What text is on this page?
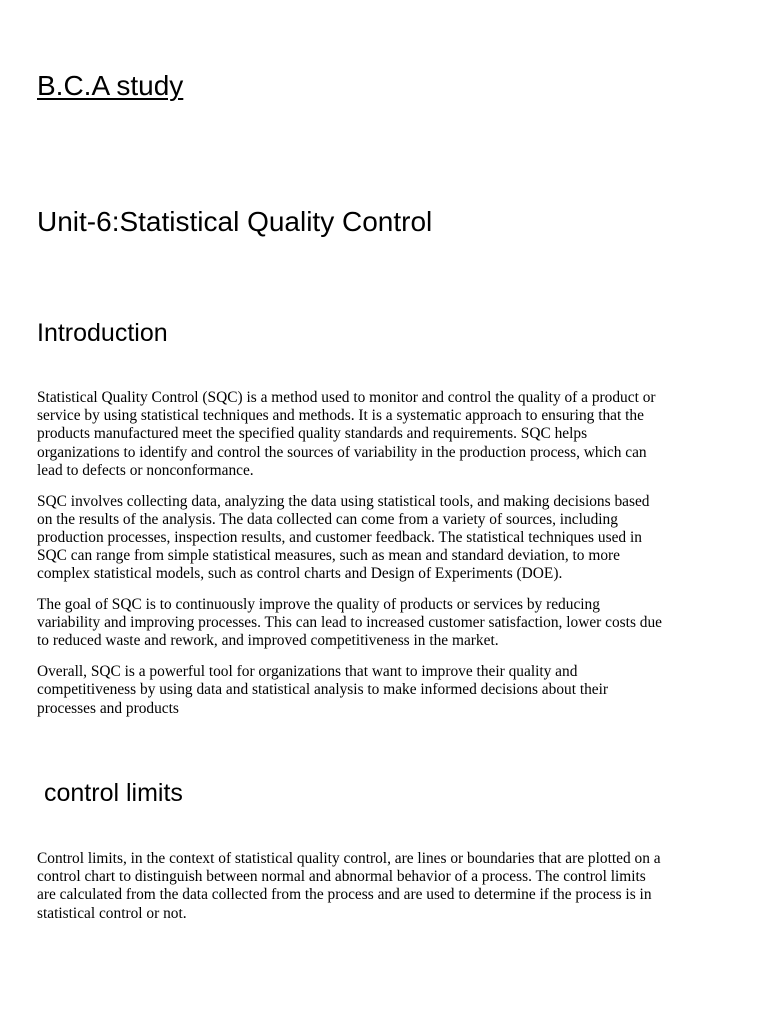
B.C.A study
Unit-6:Statistical Quality Control
Introduction

Statistical Quality Control (SQC) is a method used to monitor and control the quality of a product or
service by using statistical techniques and methods. It is a systematic approach to ensuring that the
products manufactured meet the specified quality standards and requirements. SQC helps
organizations to identify and control the sources of variability in the production process, which can
lead to defects or nonconformance.

SQC involves collecting data, analyzing the data using statistical tools, and making decisions based
on the results of the analysis. The data collected can come from a variety of sources, including
production processes, inspection results, and customer feedback. The statistical techniques used in
SQC can range from simple statistical measures, such as mean and standard deviation, to more
complex statistical models, such as control charts and Design of Experiments (DOE).

The goal of SQC is to continuously improve the quality of products or services by reducing
variability and improving processes. This can lead to increased customer satisfaction, lower costs due
to reduced waste and rework, and improved competitiveness in the market.

Overall, SQC is a powerful tool for organizations that want to improve their quality and
competitiveness by using data and statistical analysis to make informed decisions about their
processes and products

control limits

Control limits, in the context of statistical quality control, are lines or boundaries that are plotted on a
control chart to distinguish between normal and abnormal behavior of a process. The control limits
are calculated from the data collected from the process and are used to determine if the process is in
statistical control or not.
